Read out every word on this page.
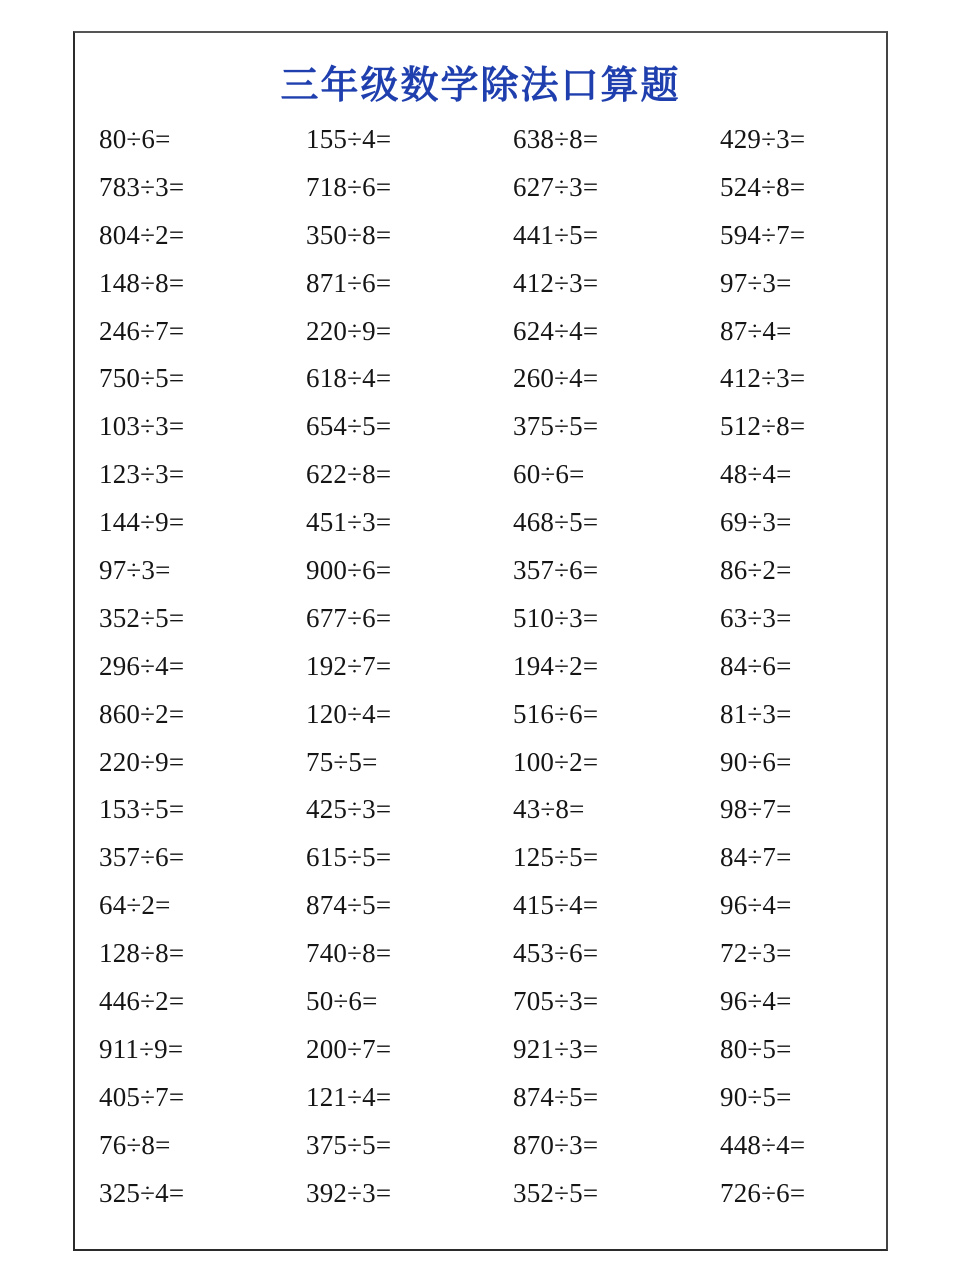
三年级数学除法口算题
80÷6=	155÷4=	638÷8=	429÷3=
783÷3=	718÷6=	627÷3=	524÷8=
804÷2=	350÷8=	441÷5=	594÷7=
148÷8=	871÷6=	412÷3=	97÷3=
246÷7=	220÷9=	624÷4=	87÷4=
750÷5=	618÷4=	260÷4=	412÷3=
103÷3=	654÷5=	375÷5=	512÷8=
123÷3=	622÷8=	60÷6=	48÷4=
144÷9=	451÷3=	468÷5=	69÷3=
97÷3=	900÷6=	357÷6=	86÷2=
352÷5=	677÷6=	510÷3=	63÷3=
296÷4=	192÷7=	194÷2=	84÷6=
860÷2=	120÷4=	516÷6=	81÷3=
220÷9=	75÷5=	100÷2=	90÷6=
153÷5=	425÷3=	43÷8=	98÷7=
357÷6=	615÷5=	125÷5=	84÷7=
64÷2=	874÷5=	415÷4=	96÷4=
128÷8=	740÷8=	453÷6=	72÷3=
446÷2=	50÷6=	705÷3=	96÷4=
911÷9=	200÷7=	921÷3=	80÷5=
405÷7=	121÷4=	874÷5=	90÷5=
76÷8=	375÷5=	870÷3=	448÷4=
325÷4=	392÷3=	352÷5=	726÷6=
